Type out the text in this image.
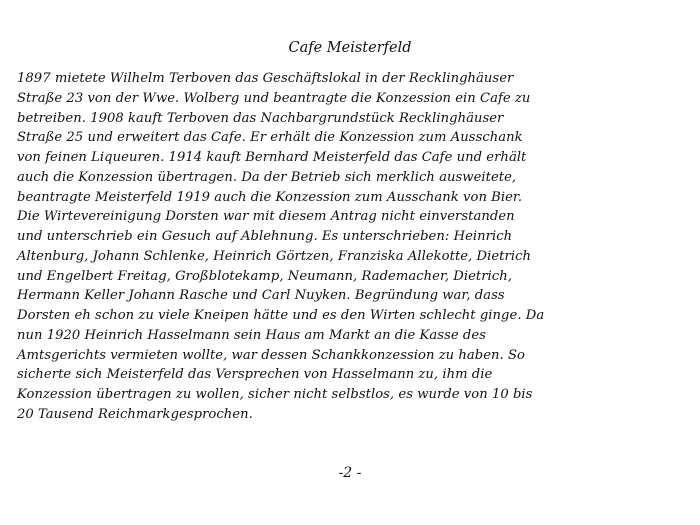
Cafe Meisterfeld
1897 mietete Wilhelm Terboven das Geschäftslokal in der Recklinghäuser
Straße 23 von der Wwe. Wolberg und beantragte die Konzession ein Cafe zu
betreiben. 1908 kauft Terboven das Nachbargrundstück Recklinghäuser
Straße 25 und erweitert das Cafe. Er erhält die Konzession zum Ausschank
von feinen Liqueuren. 1914 kauft Bernhard Meisterfeld das Cafe und erhält
auch die Konzession übertragen. Da der Betrieb sich merklich ausweitete,
beantragte Meisterfeld 1919 auch die Konzession zum Ausschank von Bier.
Die Wirtevereinigung Dorsten war mit diesem Antrag nicht einverstanden
und unterschrieb ein Gesuch auf Ablehnung. Es unterschrieben: Heinrich
Altenburg, Johann Schlenke, Heinrich Görtzen, Franziska Allekotte, Dietrich
und Engelbert Freitag, Großblotekamp, Neumann, Rademacher, Dietrich,
Hermann Keller Johann Rasche und Carl Nuyken. Begründung war, dass
Dorsten eh schon zu viele Kneipen hätte und es den Wirten schlecht ginge. Da
nun 1920 Heinrich Hasselmann sein Haus am Markt an die Kasse des
Amtsgerichts vermieten wollte, war dessen Schankkonzession zu haben. So
sicherte sich Meisterfeld das Versprechen von Hasselmann zu, ihm die
Konzession übertragen zu wollen, sicher nicht selbstlos, es wurde von 10 bis
20 Tausend Reichmarkgesprochen.
-2 -
